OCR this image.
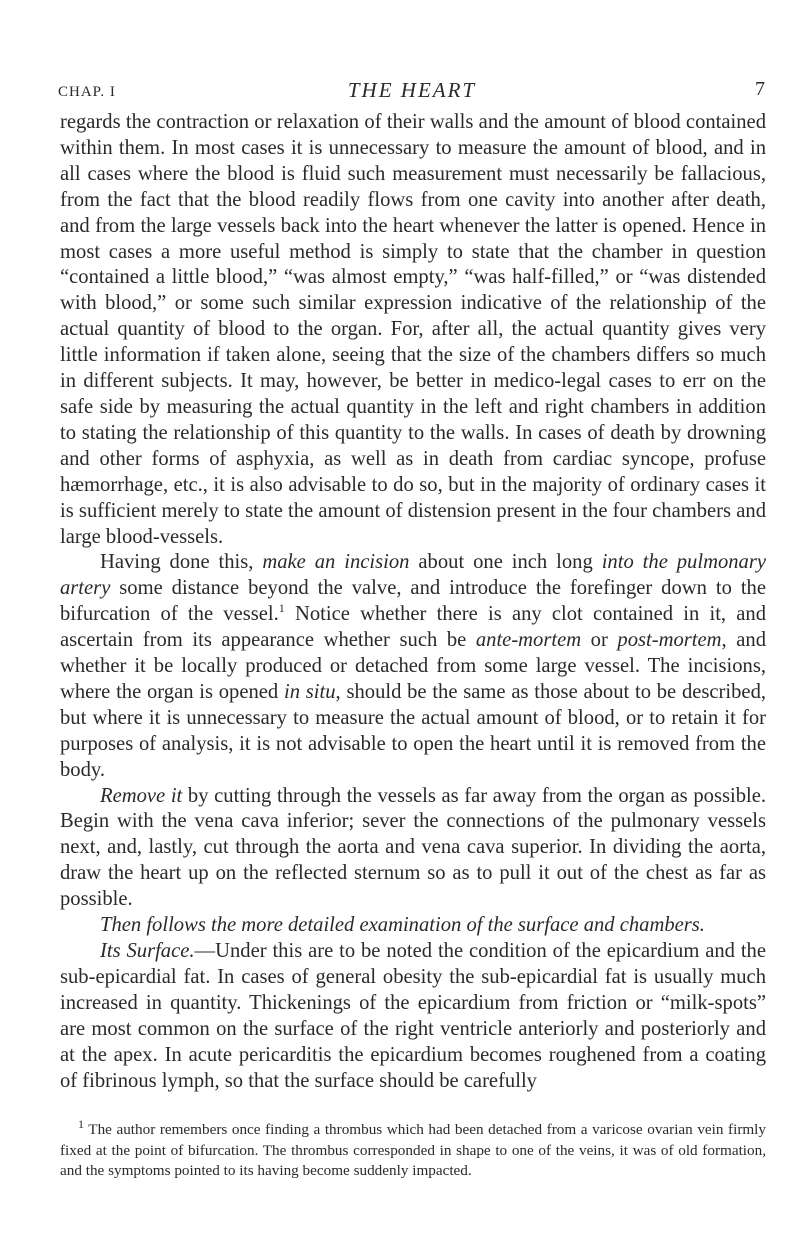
CHAP. I	THE HEART	7

regards the contraction or relaxation of their walls and the amount of blood contained within them. In most cases it is unnecessary to measure the amount of blood, and in all cases where the blood is fluid such measurement must necessarily be fallacious, from the fact that the blood readily flows from one cavity into another after death, and from the large vessels back into the heart whenever the latter is opened. Hence in most cases a more useful method is simply to state that the chamber in question “contained a little blood,” “was almost empty,” “was half-filled,” or “was distended with blood,” or some such similar expression indicative of the relationship of the actual quantity of blood to the organ. For, after all, the actual quantity gives very little information if taken alone, seeing that the size of the chambers differs so much in different subjects. It may, however, be better in medico-legal cases to err on the safe side by measuring the actual quantity in the left and right chambers in addition to stating the relationship of this quantity to the walls. In cases of death by drowning and other forms of asphyxia, as well as in death from cardiac syncope, profuse hæmorrhage, etc., it is also advisable to do so, but in the majority of ordinary cases it is sufficient merely to state the amount of distension present in the four chambers and large blood-vessels.

Having done this, make an incision about one inch long into the pulmonary artery some distance beyond the valve, and introduce the forefinger down to the bifurcation of the vessel.$^1$ Notice whether there is any clot contained in it, and ascertain from its appearance whether such be ante-mortem or post-mortem, and whether it be locally produced or detached from some large vessel. The incisions, where the organ is opened in situ, should be the same as those about to be described, but where it is unnecessary to measure the actual amount of blood, or to retain it for purposes of analysis, it is not advisable to open the heart until it is removed from the body.

Remove it by cutting through the vessels as far away from the organ as possible. Begin with the vena cava inferior; sever the connections of the pulmonary vessels next, and, lastly, cut through the aorta and vena cava superior. In dividing the aorta, draw the heart up on the reflected sternum so as to pull it out of the chest as far as possible.

Then follows the more detailed examination of the surface and chambers.

Its Surface.—Under this are to be noted the condition of the epicardium and the sub-epicardial fat. In cases of general obesity the sub-epicardial fat is usually much increased in quantity. Thickenings of the epicardium from friction or “milk-spots” are most common on the surface of the right ventricle anteriorly and posteriorly and at the apex. In acute pericarditis the epicardium becomes roughened from a coating of fibrinous lymph, so that the surface should be carefully

$^1$ The author remembers once finding a thrombus which had been detached from a varicose ovarian vein firmly fixed at the point of bifurcation. The thrombus corresponded in shape to one of the veins, it was of old formation, and the symptoms pointed to its having become suddenly impacted.
